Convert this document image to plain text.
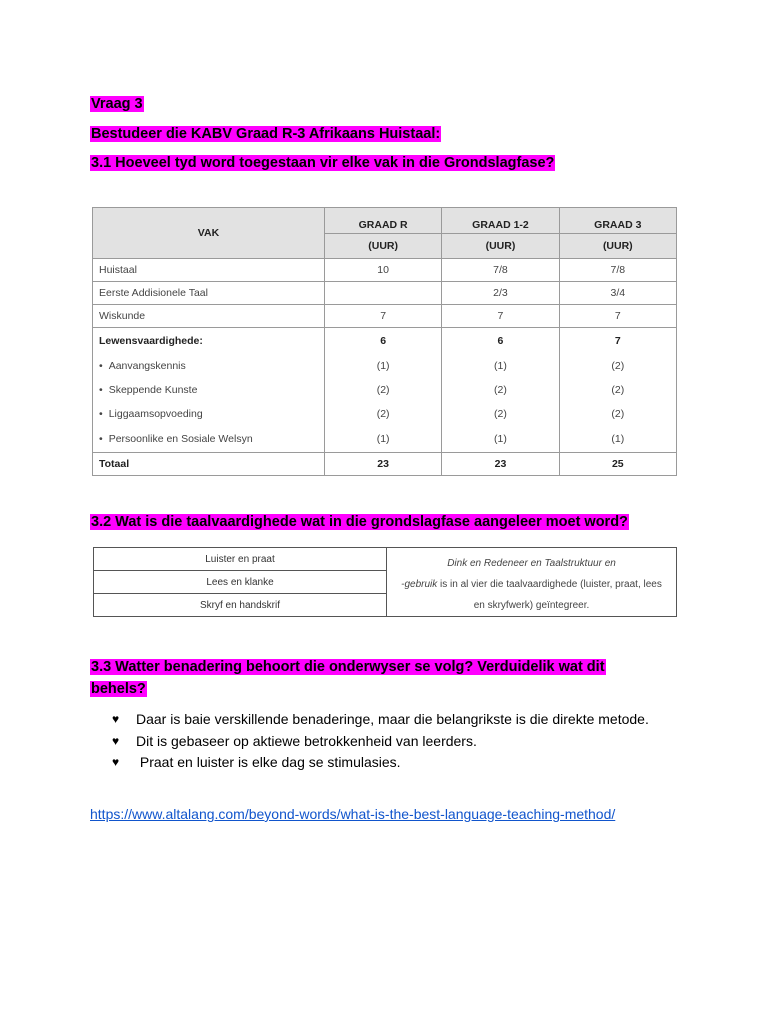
Vraag 3
Bestudeer die KABV Graad R-3 Afrikaans Huistaal:
3.1 Hoeveel tyd word toegestaan vir elke vak in die Grondslagfase?
VAK	GRAAD R	GRAAD 1-2	GRAAD 3
	(UUR)	(UUR)	(UUR)
Huistaal	10	7/8	7/8
Eerste Addisionele Taal		2/3	3/4
Wiskunde	7	7	7
Lewensvaardighede:	6	6	7
• Aanvangskennis	(1)	(1)	(2)
• Skeppende Kunste	(2)	(2)	(2)
• Liggaamsopvoeding	(2)	(2)	(2)
• Persoonlike en Sosiale Welsyn	(1)	(1)	(1)
Totaal	23	23	25
3.2 Wat is die taalvaardighede wat in die grondslagfase aangeleer moet word?
Luister en praat	Dink en Redeneer en Taalstruktuur en
-gebruik is in al vier die taalvaardighede (luister, praat, lees
en skryfwerk) geïntegreer.

Lees en klanke
Skryf en handskrif
3.3 Watter benadering behoort die onderwyser se volg? Verduidelik wat dit behels?
♥ Daar is baie verskillende benaderinge, maar die belangrikste is die direkte metode.
♥ Dit is gebaseer op aktiewe betrokkenheid van leerders.
♥ Praat en luister is elke dag se stimulasies.
https://www.altalang.com/beyond-words/what-is-the-best-language-teaching-method/
